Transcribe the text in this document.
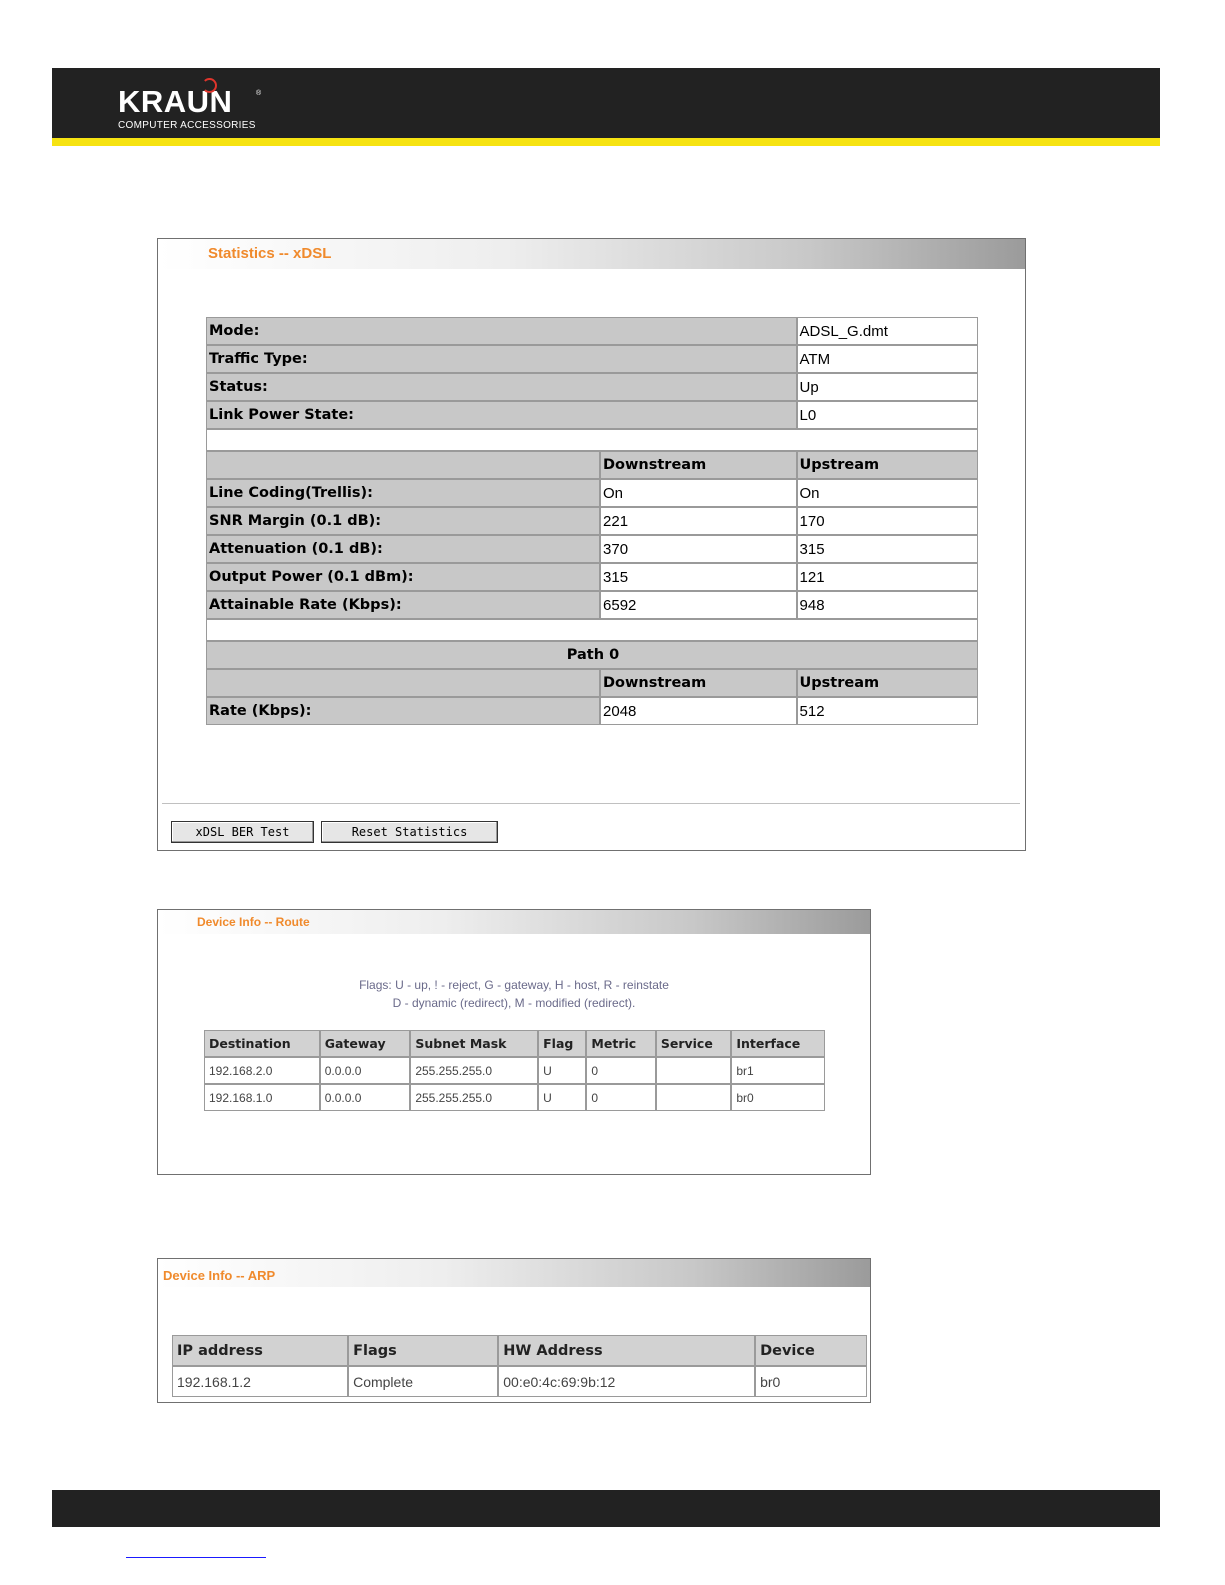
KRAUN	®
COMPUTER ACCESSORIES
Statistics -- xDSL
Mode:		ADSL_G.dmt
Traffic Type:		ATM
Status:		Up
Link Power State:		L0

	Downstream	Upstream
Line Coding(Trellis):	On	On
SNR Margin (0.1 dB):	221	170
Attenuation (0.1 dB):	370	315
Output Power (0.1 dBm):	315	121
Attainable Rate (Kbps):	6592	948

Path 0		
	Downstream	Upstream
Rate (Kbps):	2048	512
xDSL BER Test	Reset Statistics
Device Info -- Route
Flags: U - up, ! - reject, G - gateway, H - host, R - reinstate
D - dynamic (redirect), M - modified (redirect).
Destination	Gateway	Subnet Mask	Flag	Metric	Service	Interface
192.168.2.0	0.0.0.0	255.255.255.0	U	0		br1
192.168.1.0	0.0.0.0	255.255.255.0	U	0		br0
Device Info -- ARP
IP address	Flags	HW Address	Device
192.168.1.2	Complete	00:e0:4c:69:9b:12	br0
